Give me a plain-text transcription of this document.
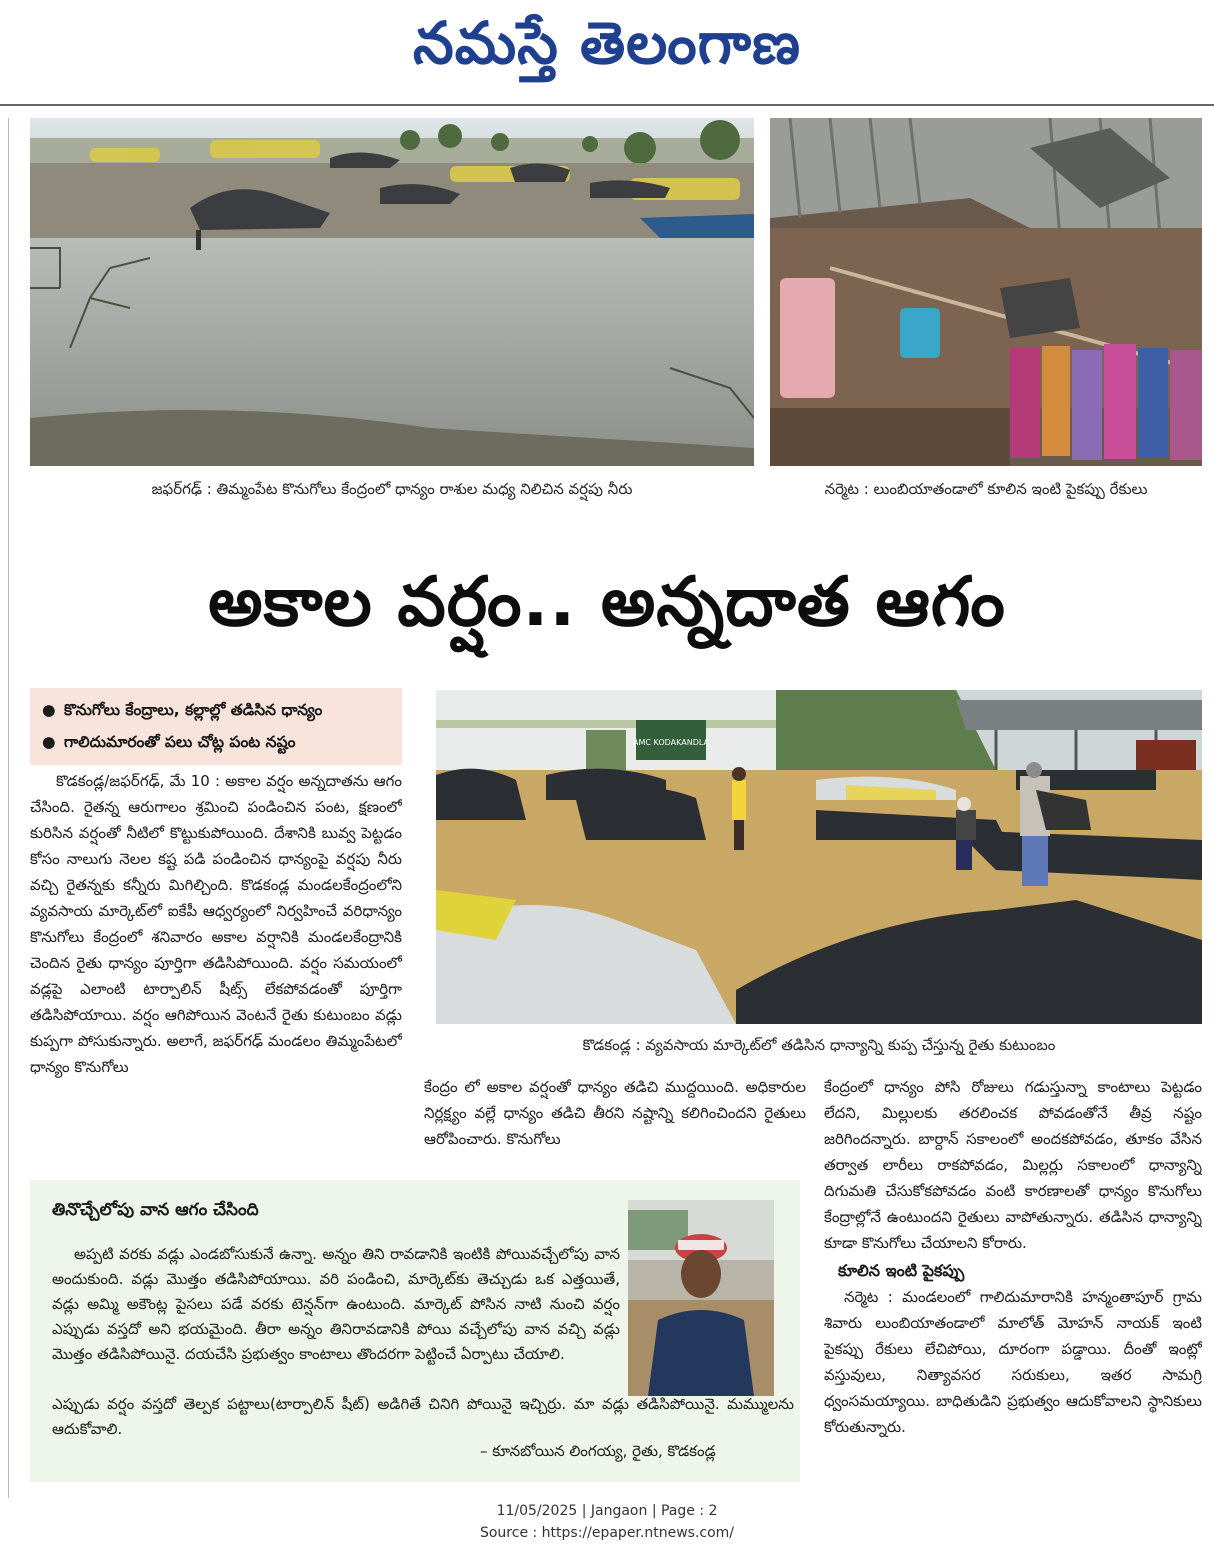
నమస్తే తెలంగాణ
జఫర్‌గఢ్ : తిమ్మంపేట కొనుగోలు కేంద్రంలో ధాన్యం రాశుల మధ్య నిలిచిన వర్షపు నీరు	నర్మెట : లుంబియాతండాలో కూలిన ఇంటి పైకప్పు రేకులు
అకాల వర్షం.. అన్నదాత ఆగం
● కొనుగోలు కేంద్రాలు, కల్లాల్లో తడిసిన ధాన్యం
● గాలిదుమారంతో పలు చోట్ల పంట నష్టం	AMC KODAKANDLA
కొడకండ్ల : వ్యవసాయ మార్కెట్‌లో తడిసిన ధాన్యాన్ని కుప్ప చేస్తున్న రైతు కుటుంబం

కొడకండ్ల/జఫర్‌గఢ్, మే 10 : అకాల వర్షం అన్నదాతను ఆగం చేసింది. రైతన్న ఆరుగాలం శ్రమించి పండించిన పంట, క్షణంలో కురిసిన వర్షంతో నీటిలో కొట్టుకుపోయింది. దేశానికి బువ్వ పెట్టడం కోసం నాలుగు నెలల కష్ట పడి పండించిన ధాన్యంపై వర్షపు నీరు వచ్చి రైతన్నకు కన్నీరు మిగిల్చింది. కొడకండ్ల మండలకేంద్రంలోని వ్యవసాయ మార్కెట్‌లో ఐకేపీ ఆధ్వర్యంలో నిర్వహించే వరిధాన్యం కొనుగోలు కేంద్రంలో శనివారం అకాల వర్షానికి మండలకేంద్రానికి చెందిన రైతు ధాన్యం పూర్తిగా తడిసిపోయింది. వర్షం సమయంలో వడ్లపై ఎలాంటి టార్పాలిన్ షీట్స్ లేకపోవడంతో పూర్తిగా తడిసిపోయాయి. వర్షం ఆగిపోయిన వెంటనే రైతు కుటుంబం వడ్లు కుప్పగా పోసుకున్నారు. అలాగే, జఫర్‌గఢ్ మండలం తిమ్మంపేటలో ధాన్యం కొనుగోలు

కేంద్రం లో అకాల వర్షంతో ధాన్యం తడిచి ముద్దయింది. అధికారుల నిర్లక్ష్యం వల్లే ధాన్యం తడిచి తీరని నష్టాన్ని కలిగించిందని రైతులు ఆరోపించారు. కొనుగోలు

కేంద్రంలో ధాన్యం పోసి రోజులు గడుస్తున్నా కాంటాలు పెట్టడం లేదని, మిల్లులకు తరలించక పోవడంతోనే తీవ్ర నష్టం జరిగిందన్నారు. బార్దాన్ సకాలంలో అందకపోవడం, తూకం వేసిన తర్వాత లారీలు రాకపోవడం, మిల్లర్లు సకాలంలో ధాన్యాన్ని దిగుమతి చేసుకోకపోవడం వంటి కారణాలతో ధాన్యం కొనుగోలు కేంద్రాల్లోనే ఉంటుందని రైతులు వాపోతున్నారు. తడిసిన ధాన్యాన్ని కూడా కొనుగోలు చేయాలని కోరారు.

కూలిన ఇంటి పైకప్పు

నర్మెట : మండలంలో గాలిదుమారానికి హన్మంతాపూర్ గ్రామ శివారు లుంబియాతండాలో మాలోత్ మోహన్ నాయక్ ఇంటి పైకప్పు రేకులు లేచిపోయి, దూరంగా పడ్డాయి. దీంతో ఇంట్లో వస్తువులు, నిత్యావసర సరుకులు, ఇతర సామగ్రి ధ్వంసమయ్యాయి. బాధితుడిని ప్రభుత్వం ఆదుకోవాలని స్థానికులు కోరుతున్నారు.

తినొచ్చేలోపు వాన ఆగం చేసింది
అప్పటి వరకు వడ్లు ఎండబోసుకునే ఉన్నా. అన్నం తిని రావడానికి ఇంటికి పోయివచ్చేలోపు వాన అందుకుంది. వడ్లు మొత్తం తడిసిపోయాయి. వరి పండించి, మార్కెట్‌కు తెచ్చుడు ఒక ఎత్తయితే, వడ్లు అమ్మి అకౌంట్ల పైసలు పడే వరకు టెన్షన్‌గా ఉంటుంది. మార్కెట్ పోసిన నాటి నుంచి వర్షం ఎప్పుడు వస్తదో అని భయమైంది. తీరా అన్నం తినిరావడానికి పోయి వచ్చేలోపు వాన వచ్చి వడ్లు మొత్తం తడిసిపోయినై. దయచేసి ప్రభుత్వం కాంటాలు తొందరగా పెట్టించే ఏర్పాటు చేయాలి.
ఎప్పుడు వర్షం వస్తదో తెల్పక పట్టాలు(టార్పాలిన్ షీట్) అడిగితే చినిగి పోయినై ఇచ్చిర్రు. మా వడ్లు తడిసిపోయినై. మమ్ములను ఆదుకోవాలి.
– కూనబోయిన లింగయ్య, రైతు, కొడకండ్ల
11/05/2025 | Jangaon | Page : 2
Source : https://epaper.ntnews.com/
